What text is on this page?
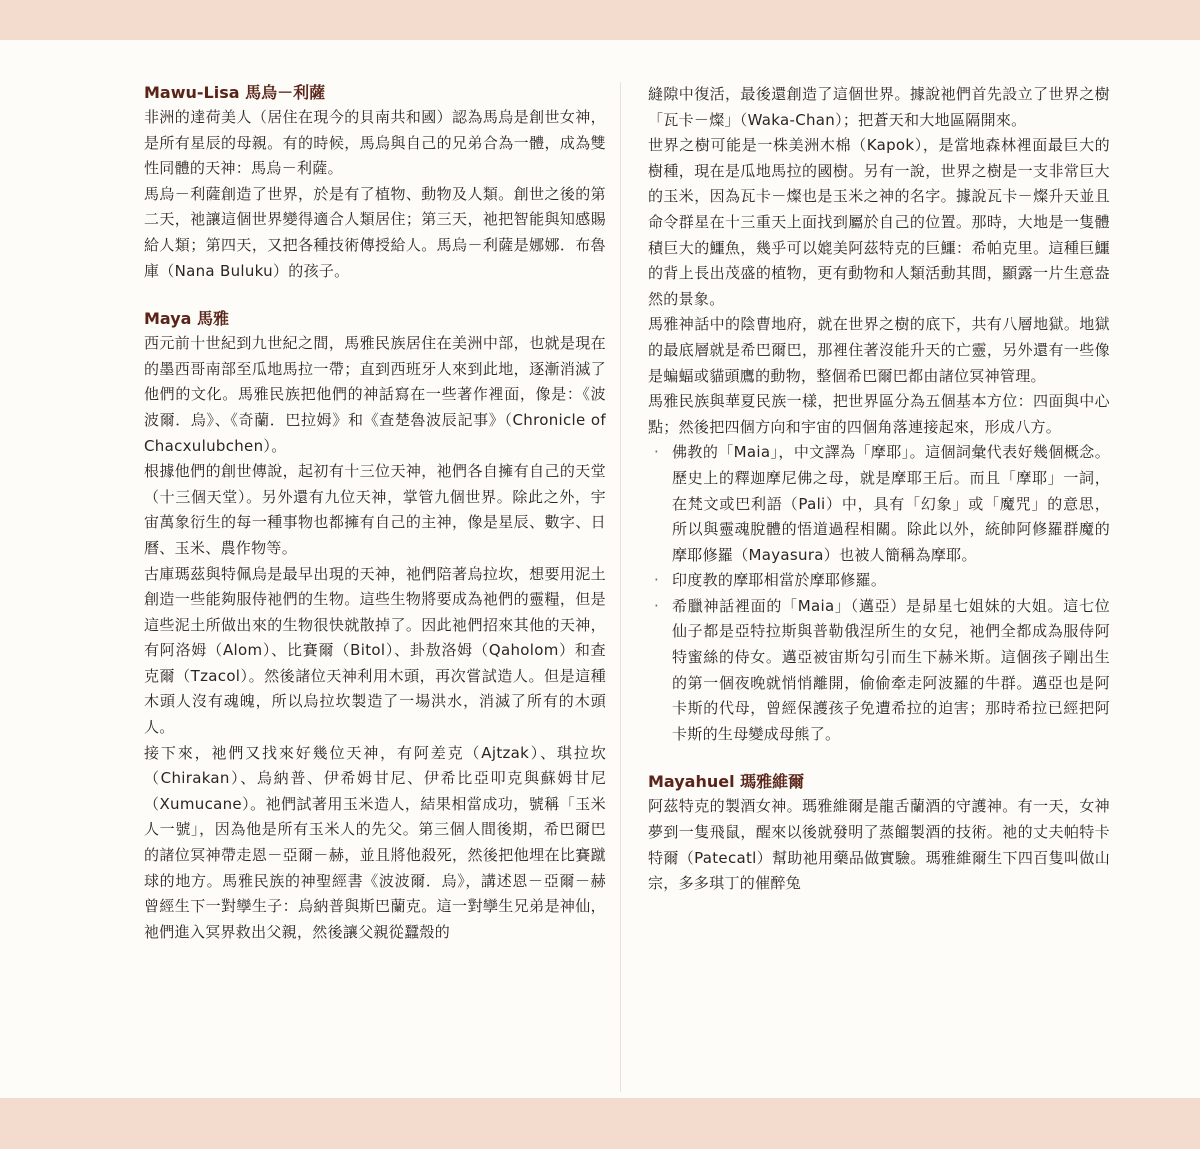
Mawu-Lisa 馬烏－利薩

非洲的達荷美人（居住在現今的貝南共和國）認為馬烏是創世女神，是所有星辰的母親。有的時候，馬烏與自己的兄弟合為一體，成為雙性同體的天神：馬烏－利薩。

馬烏－利薩創造了世界，於是有了植物、動物及人類。創世之後的第二天，祂讓這個世界變得適合人類居住；第三天，祂把智能與知感賜給人類；第四天，又把各種技術傳授給人。馬烏－利薩是娜娜．布魯庫（Nana Buluku）的孩子。

Maya 馬雅

西元前十世紀到九世紀之間，馬雅民族居住在美洲中部，也就是現在的墨西哥南部至瓜地馬拉一帶；直到西班牙人來到此地，逐漸消滅了他們的文化。馬雅民族把他們的神話寫在一些著作裡面，像是：《波波爾．烏》、《奇蘭．巴拉姆》和《查楚魯波辰記事》（Chronicle of Chacxulubchen）。

根據他們的創世傳說，起初有十三位天神，祂們各自擁有自己的天堂（十三個天堂）。另外還有九位天神，掌管九個世界。除此之外，宇宙萬象衍生的每一種事物也都擁有自己的主神，像是星辰、數字、日曆、玉米、農作物等。

古庫瑪茲與特佩烏是最早出現的天神，祂們陪著烏拉坎，想要用泥土創造一些能夠服侍祂們的生物。這些生物將要成為祂們的靈糧，但是這些泥土所做出來的生物很快就散掉了。因此祂們招來其他的天神，有阿洛姆（Alom）、比賽爾（Bitol）、卦敖洛姆（Qaholom）和查克爾（Tzacol）。然後諸位天神利用木頭，再次嘗試造人。但是這種木頭人沒有魂魄，所以烏拉坎製造了一場洪水，消滅了所有的木頭人。

接下來，祂們又找來好幾位天神，有阿差克（Ajtzak）、琪拉坎（Chirakan）、烏納普、伊希姆甘尼、伊希比亞叩克與蘇姆甘尼（Xumucane）。祂們試著用玉米造人，結果相當成功，號稱「玉米人一號」，因為他是所有玉米人的先父。第三個人間後期，希巴爾巴的諸位冥神帶走恩－亞爾－赫，並且將他殺死，然後把他埋在比賽蹴球的地方。馬雅民族的神聖經書《波波爾．烏》，講述恩－亞爾－赫曾經生下一對孿生子：烏納普與斯巴蘭克。這一對孿生兄弟是神仙，祂們進入冥界救出父親，然後讓父親從蠶殼的

縫隙中復活，最後還創造了這個世界。據說祂們首先設立了世界之樹「瓦卡－燦」（Waka-Chan）；把蒼天和大地區隔開來。

世界之樹可能是一株美洲木棉（Kapok），是當地森林裡面最巨大的樹種，現在是瓜地馬拉的國樹。另有一說，世界之樹是一支非常巨大的玉米，因為瓦卡－燦也是玉米之神的名字。據說瓦卡－燦升天並且命令群星在十三重天上面找到屬於自己的位置。那時，大地是一隻體積巨大的鱷魚，幾乎可以媲美阿茲特克的巨鱷：希帕克里。這種巨鱷的背上長出茂盛的植物，更有動物和人類活動其間，顯露一片生意盎然的景象。

馬雅神話中的陰曹地府，就在世界之樹的底下，共有八層地獄。地獄的最底層就是希巴爾巴，那裡住著沒能升天的亡靈，另外還有一些像是蝙蝠或貓頭鷹的動物，整個希巴爾巴都由諸位冥神管理。

馬雅民族與華夏民族一樣，把世界區分為五個基本方位：四面與中心點；然後把四個方向和宇宙的四個角落連接起來，形成八方。

· 佛教的「Maia」，中文譯為「摩耶」。這個詞彙代表好幾個概念。歷史上的釋迦摩尼佛之母，就是摩耶王后。而且「摩耶」一詞，在梵文或巴利語（Pali）中，具有「幻象」或「魔咒」的意思，所以與靈魂脫體的悟道過程相關。除此以外，統帥阿修羅群魔的摩耶修羅（Mayasura）也被人簡稱為摩耶。
· 印度教的摩耶相當於摩耶修羅。
· 希臘神話裡面的「Maia」（邁亞）是昴星七姐妹的大姐。這七位仙子都是亞特拉斯與普勒俄涅所生的女兒，祂們全都成為服侍阿特蜜絲的侍女。邁亞被宙斯勾引而生下赫米斯。這個孩子剛出生的第一個夜晚就悄悄離開，偷偷牽走阿波羅的牛群。邁亞也是阿卡斯的代母，曾經保護孩子免遭希拉的迫害；那時希拉已經把阿卡斯的生母變成母熊了。
Mayahuel 瑪雅維爾

阿茲特克的製酒女神。瑪雅維爾是龍舌蘭酒的守護神。有一天，女神夢到一隻飛鼠，醒來以後就發明了蒸餾製酒的技術。祂的丈夫帕特卡特爾（Patecatl）幫助祂用藥品做實驗。瑪雅維爾生下四百隻叫做山宗，多多琪丁的催醉兔
